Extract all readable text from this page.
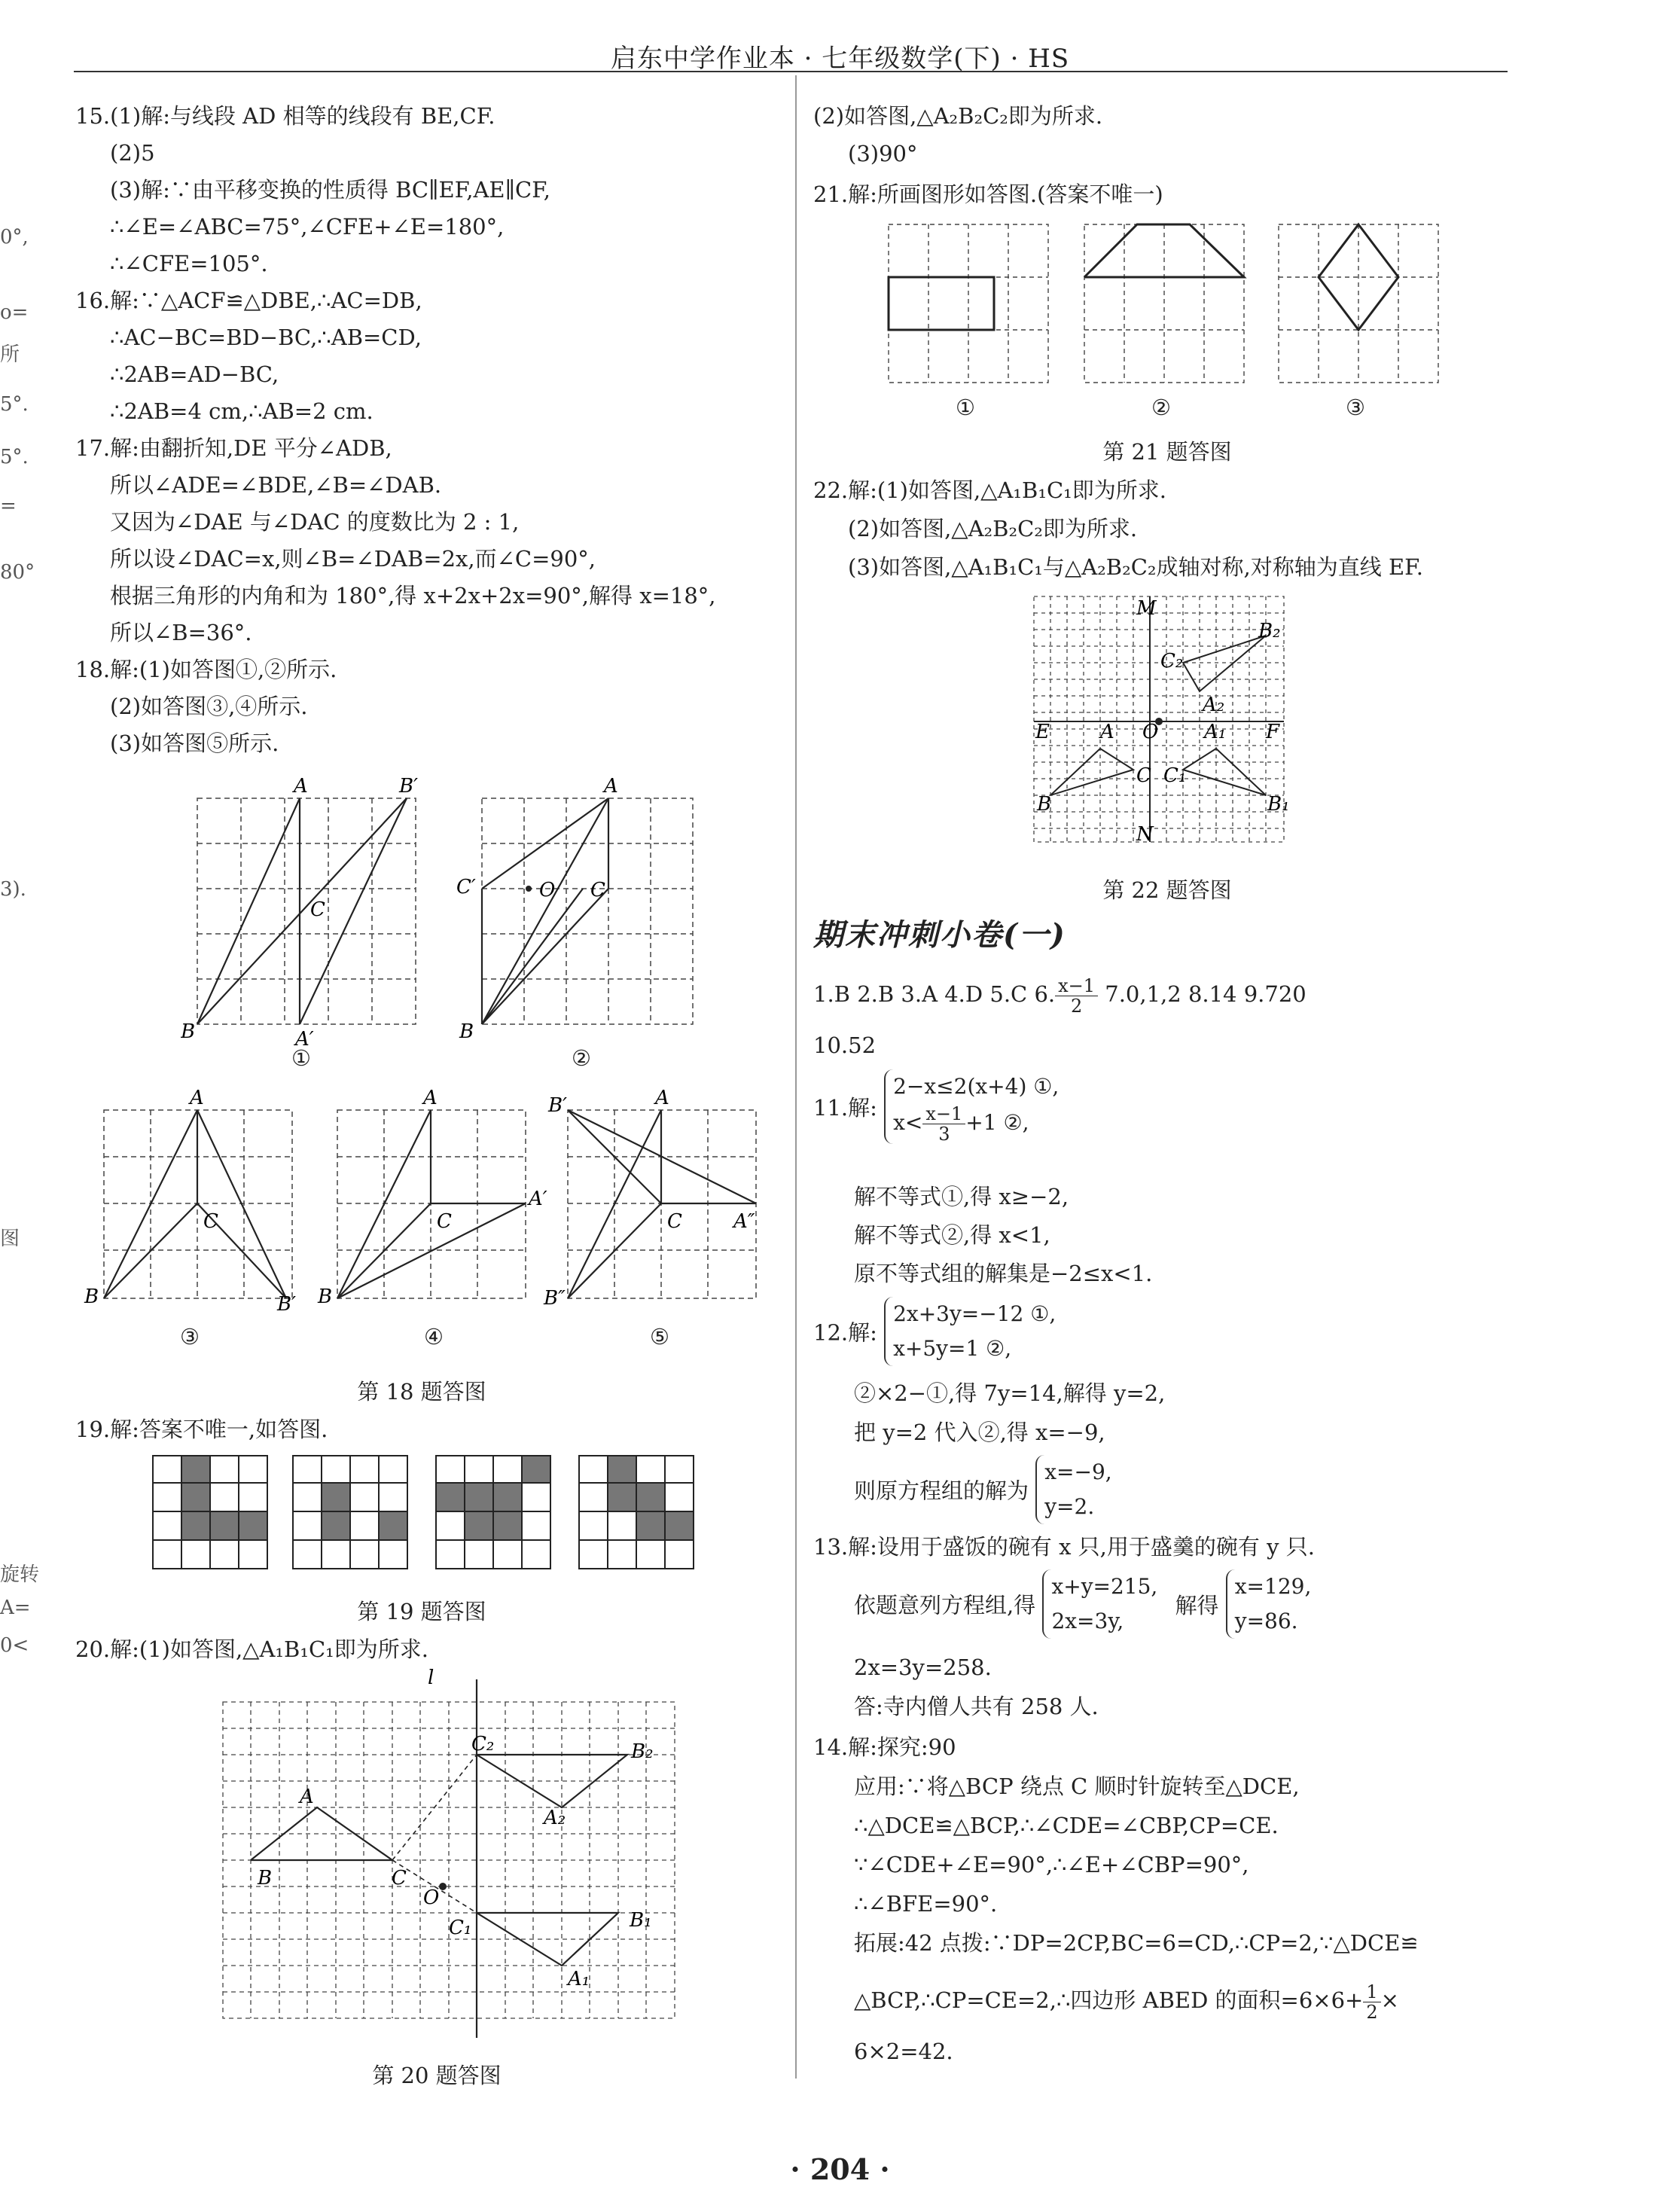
启东中学作业本 · 七年级数学(下) · HS
0°,
o=
所
5°.
5°.
=
80°
3).
图
旋转
A=
0<
15.(1)解:与线段 AD 相等的线段有 BE,CF.
(2)5
(3)解:∵由平移变换的性质得 BC∥EF,AE∥CF,
∴∠E=∠ABC=75°,∠CFE+∠E=180°,
∴∠CFE=105°.
16.解:∵△ACF≌△DBE,∴AC=DB,
∴AC−BC=BD−BC,∴AB=CD,
∴2AB=AD−BC,
∴2AB=4 cm,∴AB=2 cm.
17.解:由翻折知,DE 平分∠ADB,
所以∠ADE=∠BDE,∠B=∠DAB.
又因为∠DAE 与∠DAC 的度数比为 2 : 1,
所以设∠DAC=x,则∠B=∠DAB=2x,而∠C=90°,
根据三角形的内角和为 180°,得 x+2x+2x=90°,解得 x=18°,
所以∠B=36°.
18.解:(1)如答图①,②所示.
(2)如答图③,④所示.
(3)如答图⑤所示.
A	B′
C
B	A′
①
A
C′	O C
B
②
A
C
B	B′
③
A
C
B
A′
④
A
B′
C	A″
B″
⑤
第 18 题答图
19.解:答案不唯一,如答图.
第 19 题答图
20.解:(1)如答图,△A₁B₁C₁即为所求.
l
A
B	C
O
C₂	B₂
A₂
C₁	B₁
A₁
第 20 题答图
(2)如答图,△A₂B₂C₂即为所求.
(3)90°
21.解:所画图形如答图.(答案不唯一)
①	②	③
第 21 题答图
22.解:(1)如答图,△A₁B₁C₁即为所求.
(2)如答图,△A₂B₂C₂即为所求.
(3)如答图,△A₁B₁C₁与△A₂B₂C₂成轴对称,对称轴为直线 EF.
M
N
E	F
O
A
B
C
A₁
B₁
C₁
A₂
B₂
C₂
第 22 题答图
期末冲刺小卷(一)
1.B 2.B 3.A 4.D 5.C 6. $\frac{x-1}{2} 7.0,1,2$ 8.14 9.720
10.52
11.解:
2−x≤2(x+4) ①,
$x< \frac{x-1}{3} +1$ ②,
解不等式①,得 x≥−2,
解不等式②,得 x<1,
原不等式组的解集是−2≤x<1.
12.解:
2x+3y=−12 ①,
x+5y=1 ②,
②×2−①,得 7y=14,解得 y=2,
把 y=2 代入②,得 x=−9,
则原方程组的解为
x=−9,
y=2.
13.解:设用于盛饭的碗有 x 只,用于盛羹的碗有 y 只.
依题意列方程组,得
x+y=215,
2x=3y,
解得
x=129,
y=86.
2x=3y=258.
答:寺内僧人共有 258 人.
14.解:探究:90
应用:∵将△BCP 绕点 C 顺时针旋转至△DCE,
∴△DCE≌△BCP,∴∠CDE=∠CBP,CP=CE.
∵∠CDE+∠E=90°,∴∠E+∠CBP=90°,
∴∠BFE=90°.
拓展:42 点拨:∵DP=2CP,BC=6=CD,∴CP=2,∵△DCE≌
△BCP,∴CP=CE=2,∴四边形 ABED 的面积$=6\times 6+ \frac{1}{2}$ ×
6×2=42.
· 204 ·
